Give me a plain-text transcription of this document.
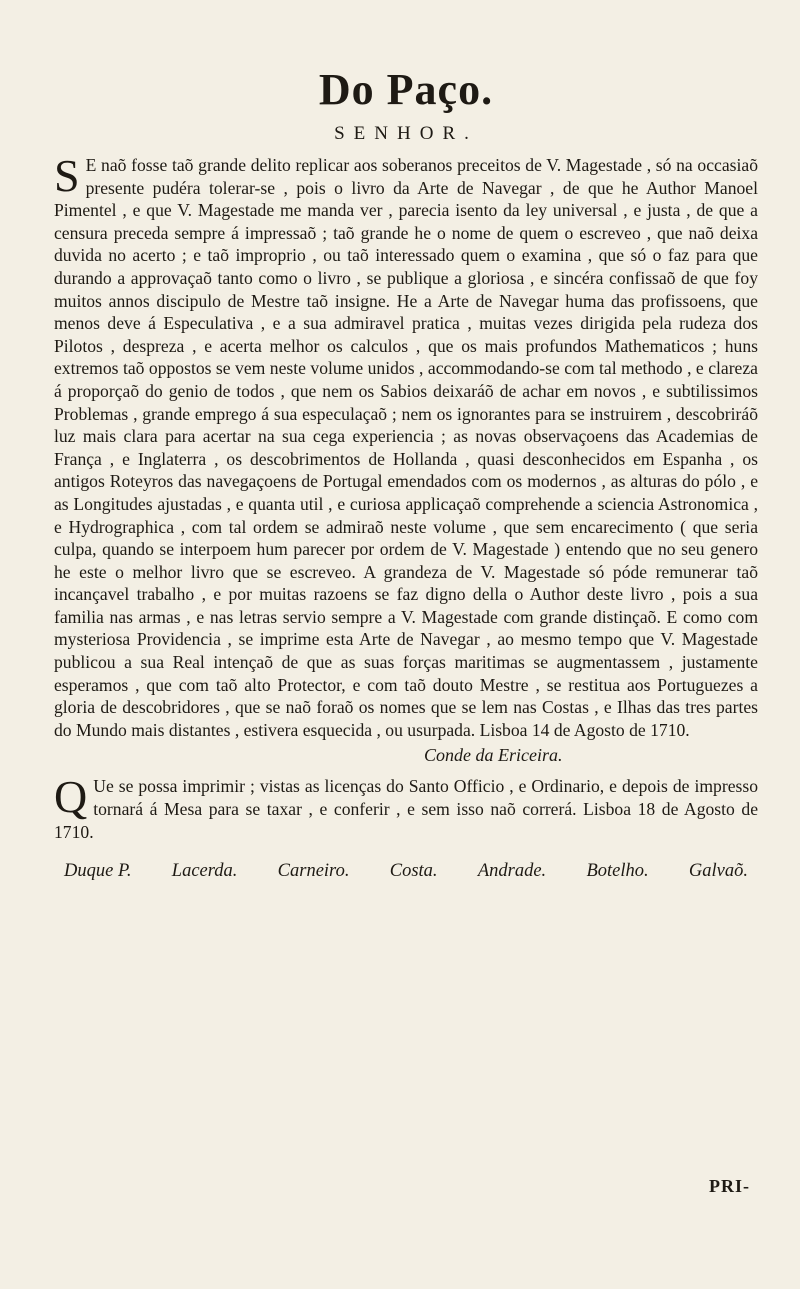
Do Paço.
SENHOR.

S E naõ fosse taõ grande delito replicar aos soberanos preceitos de V. Magestade , só na occasiaõ presente pudéra tolerar-se , pois o livro da Arte de Navegar , de que he Author Manoel Pimentel , e que V. Magestade me manda ver , parecia isento da ley universal , e justa , de que a censura preceda sempre á impressaõ ; taõ grande he o nome de quem o escreveo , que naõ deixa duvida no acerto ; e taõ improprio , ou taõ interessado quem o examina , que só o faz para que durando a approvaçaõ tanto como o livro , se publique a gloriosa , e sincéra confissaõ de que foy muitos annos discipulo de Mestre taõ insigne. He a Arte de Navegar huma das profissoens, que menos deve á Especulativa , e a sua admiravel pratica , muitas vezes dirigida pela rudeza dos Pilotos , despreza , e acerta melhor os calculos , que os mais profundos Mathematicos ; huns extremos taõ oppostos se vem neste volume unidos , accommodando-se com tal methodo , e clareza á proporçaõ do genio de todos , que nem os Sabios deixaráõ de achar em novos , e subtilissimos Problemas , grande emprego á sua especulaçaõ ; nem os ignorantes para se instruirem , descobriráõ luz mais clara para acertar na sua cega experiencia ; as novas observaçoens das Academias de França , e Inglaterra , os descobrimentos de Hollanda , quasi desconhecidos em Espanha , os antigos Roteyros das navegaçoens de Portugal emendados com os modernos , as alturas do pólo , e as Longitudes ajustadas , e quanta util , e curiosa applicaçaõ comprehende a sciencia Astronomica , e Hydrographica , com tal ordem se admiraõ neste volume , que sem encarecimento ( que seria culpa, quando se interpoem hum parecer por ordem de V. Magestade ) entendo que no seu genero he este o melhor livro que se escreveo. A grandeza de V. Magestade só póde remunerar taõ incançavel trabalho , e por muitas razoens se faz digno della o Author deste livro , pois a sua familia nas armas , e nas letras servio sempre a V. Magestade com grande distinçaõ. E como com mysteriosa Providencia , se imprime esta Arte de Navegar , ao mesmo tempo que V. Magestade publicou a sua Real intençaõ de que as suas forças maritimas se augmentassem , justamente esperamos , que com taõ alto Protector, e com taõ douto Mestre , se restitua aos Portuguezes a gloria de descobridores , que se naõ foraõ os nomes que se lem nas Costas , e Ilhas das tres partes do Mundo mais distantes , estivera esquecida , ou usurpada. Lisboa 14 de Agosto de 1710.

Conde da Ericeira.

Q Ue se possa imprimir ; vistas as licenças do Santo Officio , e Ordinario, e depois de impresso tornará á Mesa para se taxar , e conferir , e sem isso naõ correrá. Lisboa 18 de Agosto de 1710.

Duque P. Lacerda. Carneiro. Costa. Andrade. Botelho. Galvaõ.
PRI-
